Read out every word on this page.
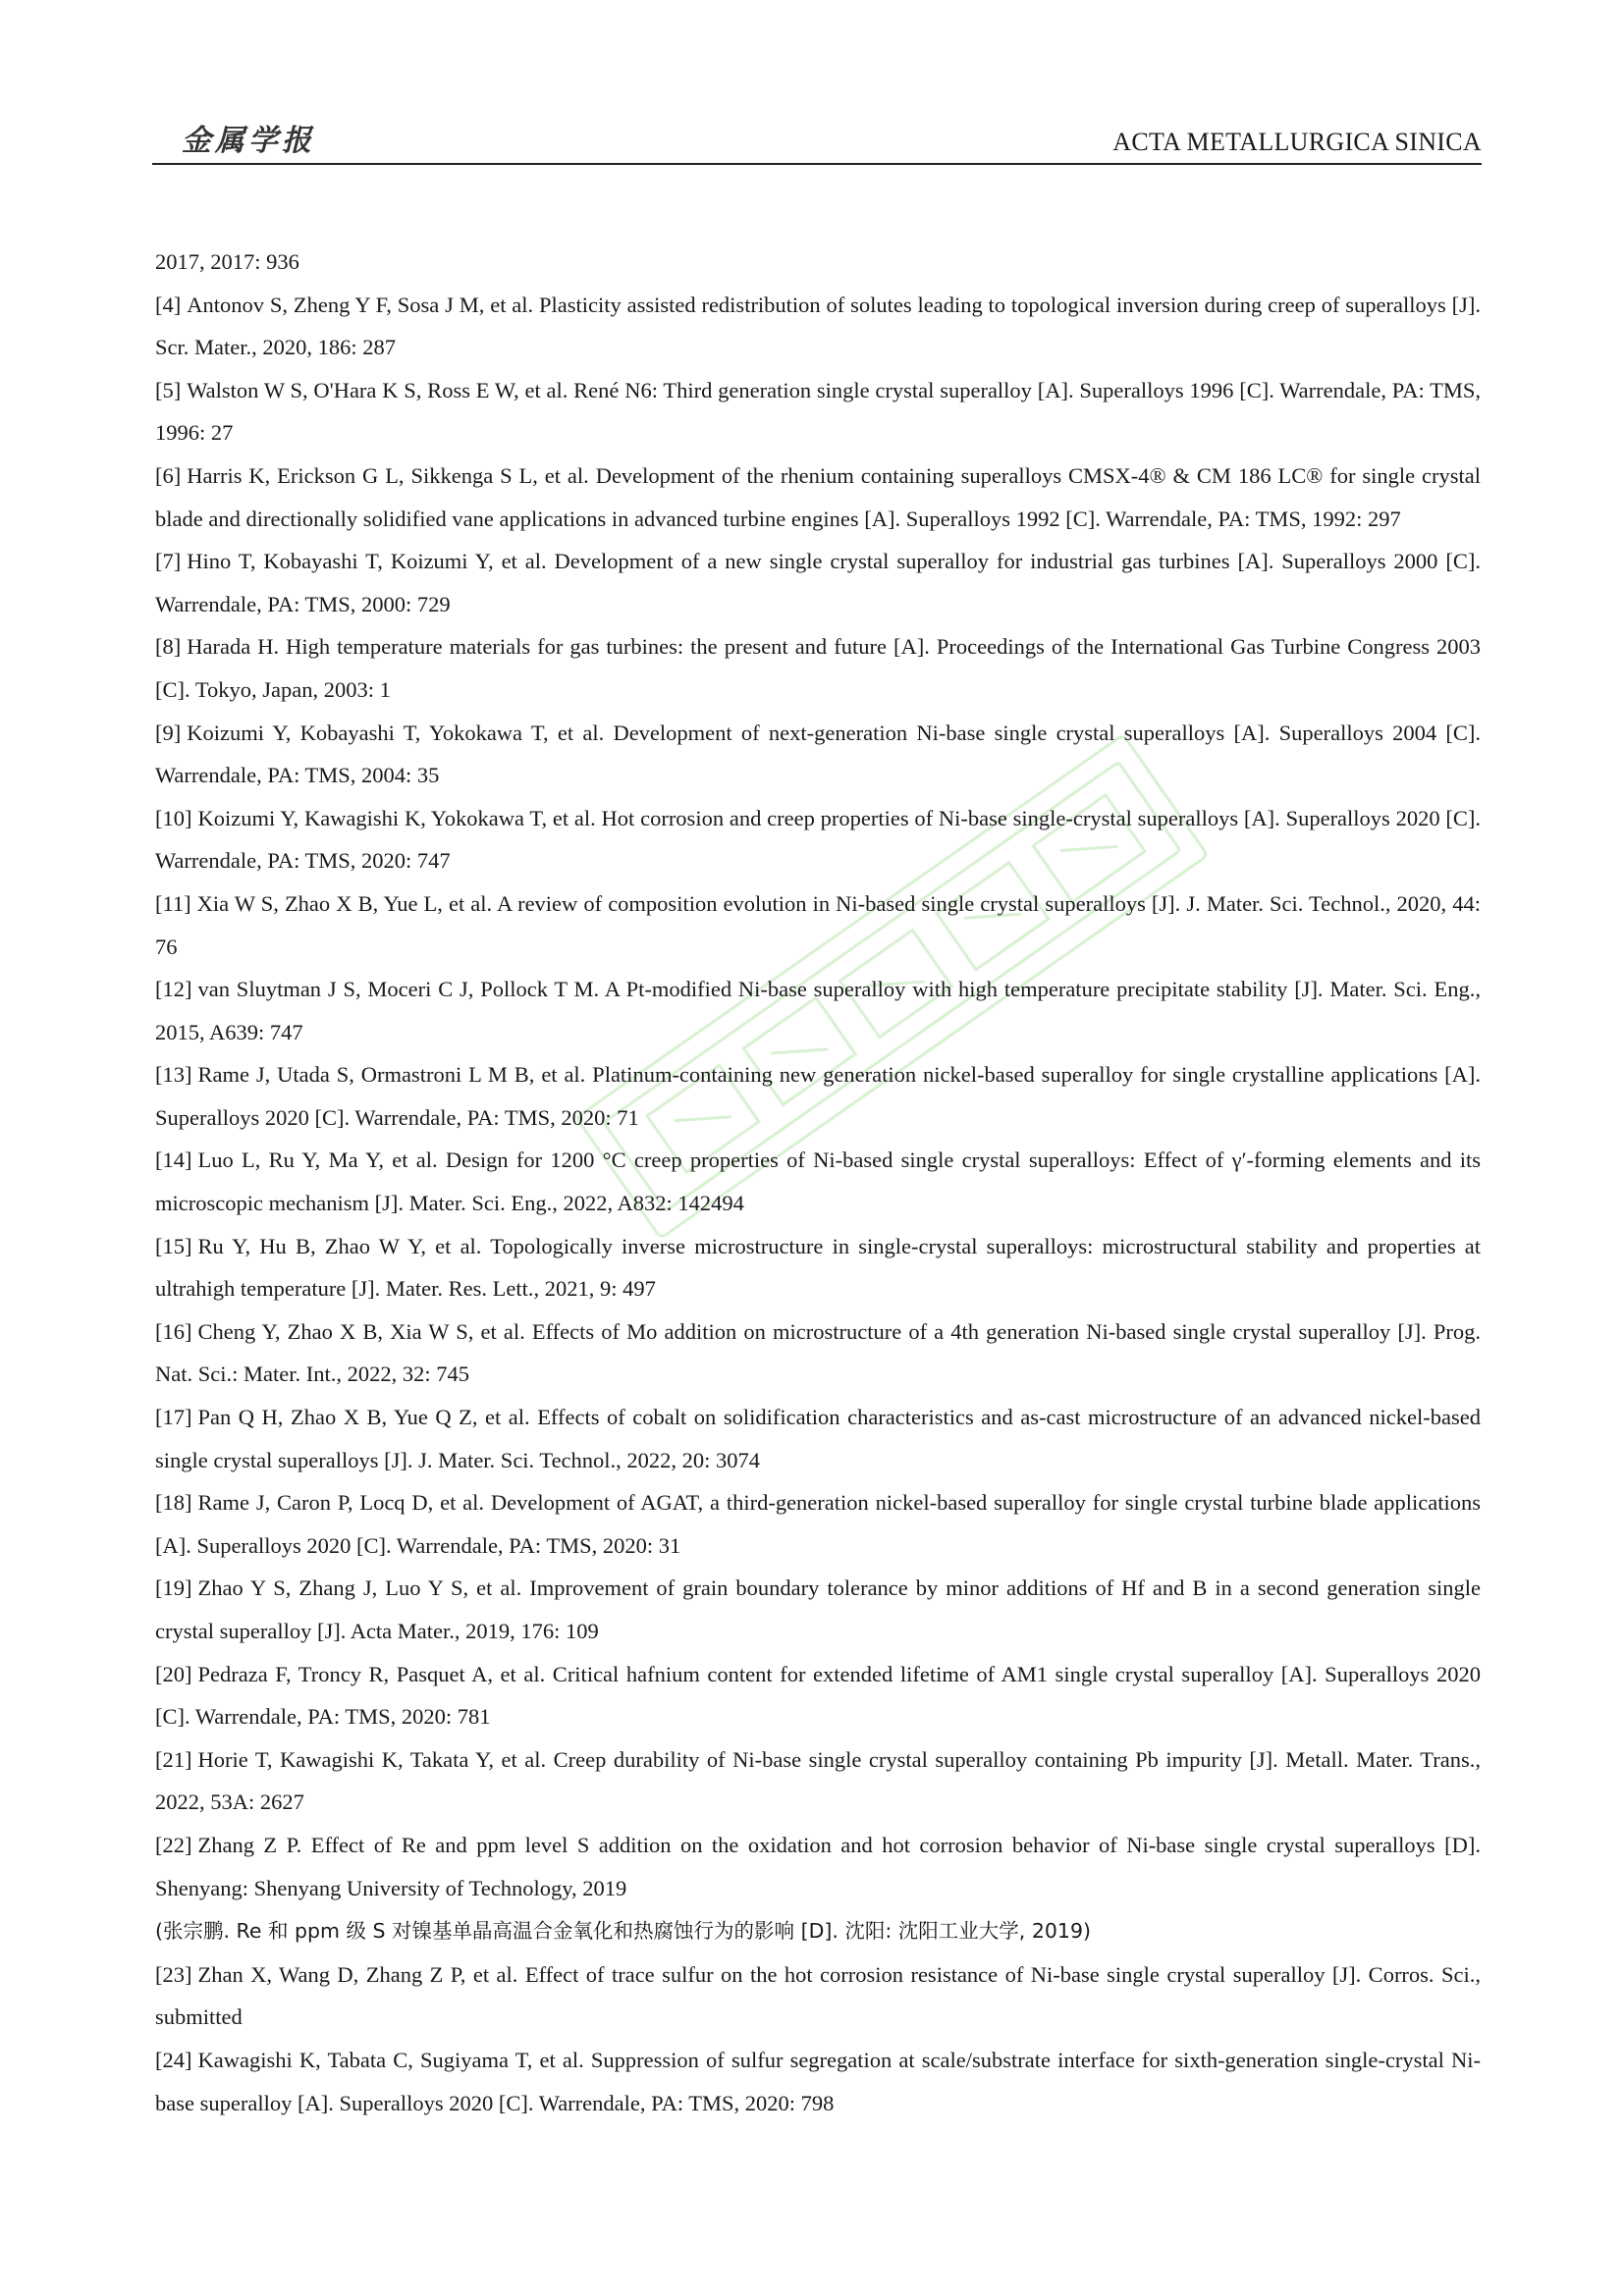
金属学报	ACTA METALLURGICA SINICA

2017, 2017: 936

[4] Antonov S, Zheng Y F, Sosa J M, et al. Plasticity assisted redistribution of solutes leading to topological inversion during creep of superalloys [J]. Scr. Mater., 2020, 186: 287

[5] Walston W S, O'Hara K S, Ross E W, et al. René N6: Third generation single crystal superalloy [A]. Superalloys 1996 [C]. Warrendale, PA: TMS, 1996: 27

[6] Harris K, Erickson G L, Sikkenga S L, et al. Development of the rhenium containing superalloys CMSX-4® & CM 186 LC® for single crystal blade and directionally solidified vane applications in advanced turbine engines [A]. Superalloys 1992 [C]. Warrendale, PA: TMS, 1992: 297

[7] Hino T, Kobayashi T, Koizumi Y, et al. Development of a new single crystal superalloy for industrial gas turbines [A]. Superalloys 2000 [C]. Warrendale, PA: TMS, 2000: 729

[8] Harada H. High temperature materials for gas turbines: the present and future [A]. Proceedings of the International Gas Turbine Congress 2003 [C]. Tokyo, Japan, 2003: 1

[9] Koizumi Y, Kobayashi T, Yokokawa T, et al. Development of next-generation Ni-base single crystal superalloys [A]. Superalloys 2004 [C]. Warrendale, PA: TMS, 2004: 35

[10] Koizumi Y, Kawagishi K, Yokokawa T, et al. Hot corrosion and creep properties of Ni-base single-crystal superalloys [A]. Superalloys 2020 [C]. Warrendale, PA: TMS, 2020: 747

[11] Xia W S, Zhao X B, Yue L, et al. A review of composition evolution in Ni-based single crystal superalloys [J]. J. Mater. Sci. Technol., 2020, 44: 76

[12] van Sluytman J S, Moceri C J, Pollock T M. A Pt-modified Ni-base superalloy with high temperature precipitate stability [J]. Mater. Sci. Eng., 2015, A639: 747

[13] Rame J, Utada S, Ormastroni L M B, et al. Platinum-containing new generation nickel-based superalloy for single crystalline applications [A]. Superalloys 2020 [C]. Warrendale, PA: TMS, 2020: 71

[14] Luo L, Ru Y, Ma Y, et al. Design for 1200 °C creep properties of Ni-based single crystal superalloys: Effect of γ′-forming elements and its microscopic mechanism [J]. Mater. Sci. Eng., 2022, A832: 142494

[15] Ru Y, Hu B, Zhao W Y, et al. Topologically inverse microstructure in single-crystal superalloys: microstructural stability and properties at ultrahigh temperature [J]. Mater. Res. Lett., 2021, 9: 497

[16] Cheng Y, Zhao X B, Xia W S, et al. Effects of Mo addition on microstructure of a 4th generation Ni-based single crystal superalloy [J]. Prog. Nat. Sci.: Mater. Int., 2022, 32: 745

[17] Pan Q H, Zhao X B, Yue Q Z, et al. Effects of cobalt on solidification characteristics and as-cast microstructure of an advanced nickel-based single crystal superalloys [J]. J. Mater. Sci. Technol., 2022, 20: 3074

[18] Rame J, Caron P, Locq D, et al. Development of AGAT, a third-generation nickel-based superalloy for single crystal turbine blade applications [A]. Superalloys 2020 [C]. Warrendale, PA: TMS, 2020: 31

[19] Zhao Y S, Zhang J, Luo Y S, et al. Improvement of grain boundary tolerance by minor additions of Hf and B in a second generation single crystal superalloy [J]. Acta Mater., 2019, 176: 109

[20] Pedraza F, Troncy R, Pasquet A, et al. Critical hafnium content for extended lifetime of AM1 single crystal superalloy [A]. Superalloys 2020 [C]. Warrendale, PA: TMS, 2020: 781

[21] Horie T, Kawagishi K, Takata Y, et al. Creep durability of Ni-base single crystal superalloy containing Pb impurity [J]. Metall. Mater. Trans., 2022, 53A: 2627

[22] Zhang Z P. Effect of Re and ppm level S addition on the oxidation and hot corrosion behavior of Ni-base single crystal superalloys [D]. Shenyang: Shenyang University of Technology, 2019

(张宗鹏. Re 和 ppm 级 S 对镍基单晶高温合金氧化和热腐蚀行为的影响 [D]. 沈阳: 沈阳工业大学, 2019)

[23] Zhan X, Wang D, Zhang Z P, et al. Effect of trace sulfur on the hot corrosion resistance of Ni-base single crystal superalloy [J]. Corros. Sci., submitted

[24] Kawagishi K, Tabata C, Sugiyama T, et al. Suppression of sulfur segregation at scale/substrate interface for sixth-generation single-crystal Ni-base superalloy [A]. Superalloys 2020 [C]. Warrendale, PA: TMS, 2020: 798
